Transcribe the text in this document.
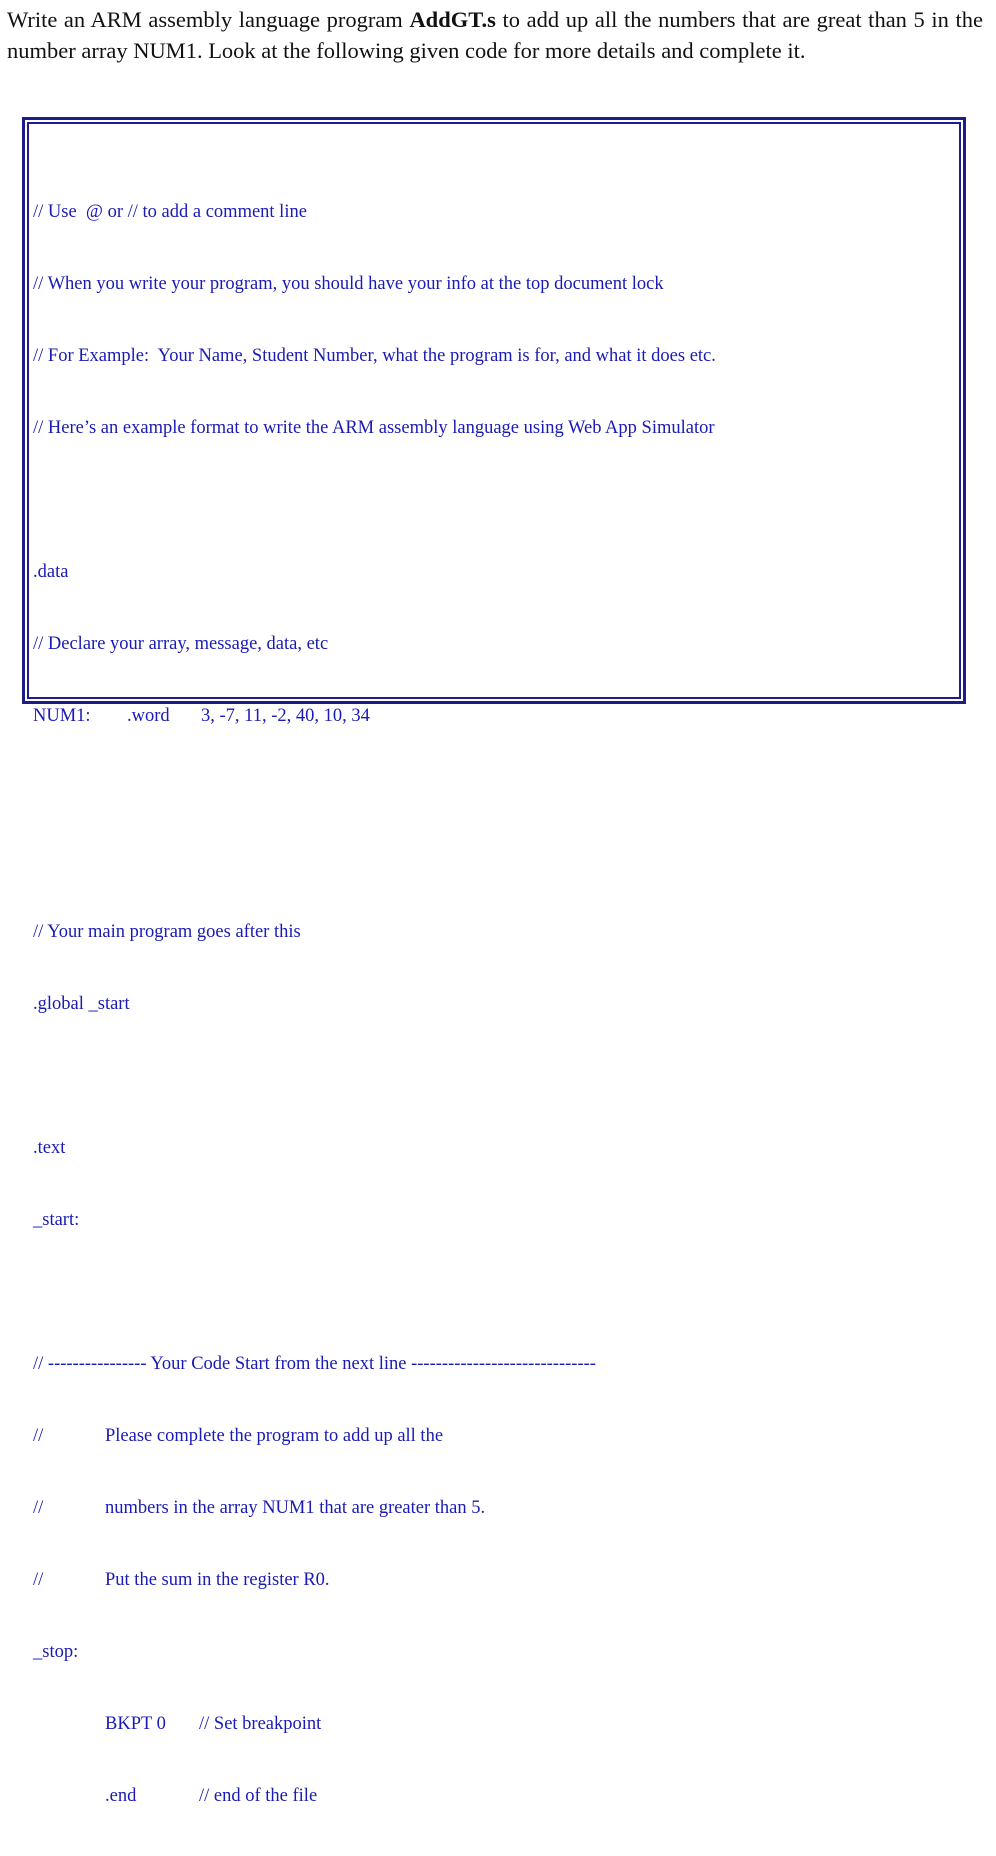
Write an ARM assembly language program AddGT.s to add up all the numbers that are great than 5 in the number array NUM1. Look at the following given code for more details and complete it.

// Use  @ or // to add a comment line

// When you write your program, you should have your info at the top document lock

// For Example:  Your Name, Student Number, what the program is for, and what it does etc.

// Here’s an example format to write the ARM assembly language using Web App Simulator

.data

// Declare your array, message, data, etc

NUM1: .word 3, -7, 11, -2, 40, 10, 34

// Your main program goes after this

.global _start

.text

_start:

// ---------------- Your Code Start from the next line ------------------------------

//	Please complete the program to add up all the

//	numbers in the array NUM1 that are greater than 5.

//	Put the sum in the register R0.

_stop:

BKPT 0 // Set breakpoint

.end	// end of the file
